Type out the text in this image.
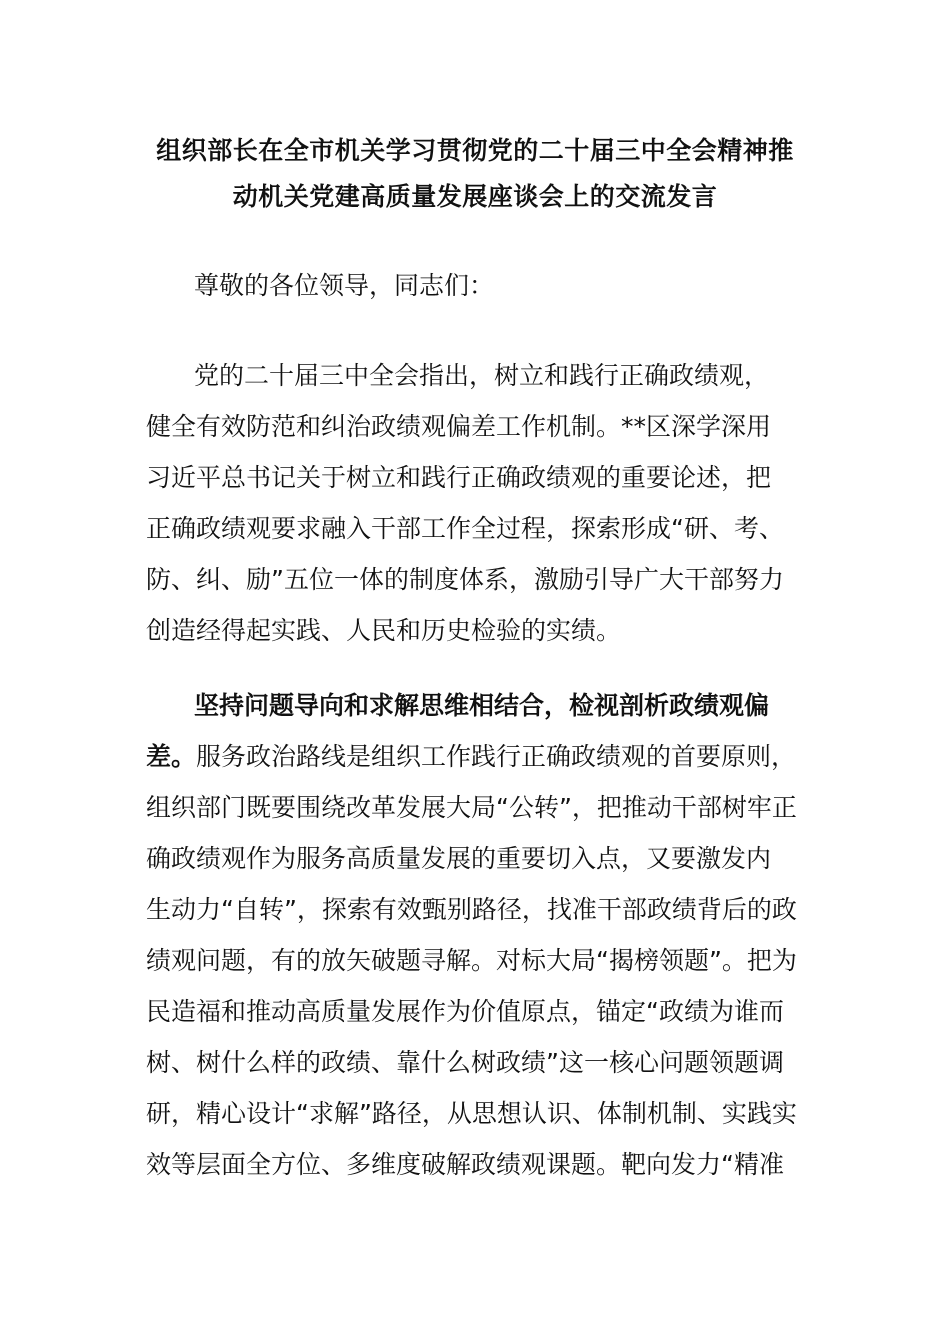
组织部长在全市机关学习贯彻党的二十届三中全会精神推
动机关党建高质量发展座谈会上的交流发言
尊敬的各位领导，同志们：
党的二十届三中全会指出，树立和践行正确政绩观，
健全有效防范和纠治政绩观偏差工作机制。**区深学深用
习近平总书记关于树立和践行正确政绩观的重要论述，把
正确政绩观要求融入干部工作全过程，探索形成“研、考、
防、纠、励”五位一体的制度体系，激励引导广大干部努力
创造经得起实践、人民和历史检验的实绩。
坚持问题导向和求解思维相结合，检视剖析政绩观偏
差。服务政治路线是组织工作践行正确政绩观的首要原则，
组织部门既要围绕改革发展大局“公转”，把推动干部树牢正
确政绩观作为服务高质量发展的重要切入点，又要激发内
生动力“自转”，探索有效甄别路径，找准干部政绩背后的政
绩观问题，有的放矢破题寻解。对标大局“揭榜领题”。把为
民造福和推动高质量发展作为价值原点，锚定“政绩为谁而
树、树什么样的政绩、靠什么树政绩”这一核心问题领题调
研，精心设计“求解”路径，从思想认识、体制机制、实践实
效等层面全方位、多维度破解政绩观课题。靶向发力“精准
